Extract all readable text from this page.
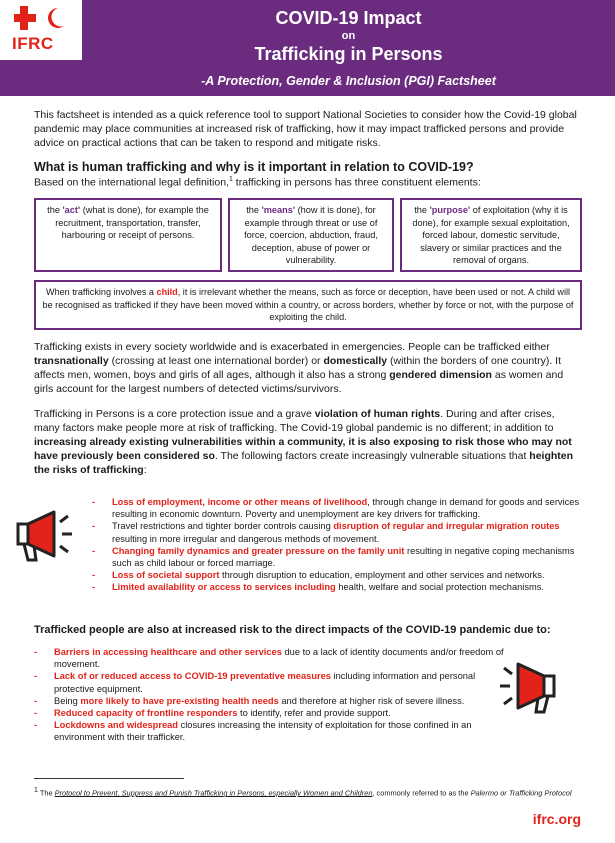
IFRC
COVID-19 Impact
on
Trafficking in Persons
-A Protection, Gender & Inclusion (PGI) Factsheet

This factsheet is intended as a quick reference tool to support National Societies to consider how the Covid-19 global pandemic may place communities at increased risk of trafficking, how it may impact trafficked persons and provide advice on practical actions that can be taken to respond and mitigate risks.

What is human trafficking and why is it important in relation to COVID-19?
Based on the international legal definition,$^1$ trafficking in persons has three constituent elements:
the 'act' (what is done), for example the recruitment, transportation, transfer, harbouring or receipt of persons.
the 'means' (how it is done), for example through threat or use of force, coercion, abduction, fraud, deception, abuse of power or vulnerability.
the 'purpose' of exploitation (why it is done), for example sexual exploitation, forced labour, domestic servitude, slavery or similar practices and the removal of organs.
When trafficking involves a child, it is irrelevant whether the means, such as force or deception, have been used or not. A child will be recognised as trafficked if they have been moved within a country, or across borders, whether by force or not, with the purpose of exploiting the child.

Trafficking exists in every society worldwide and is exacerbated in emergencies. People can be trafficked either transnationally (crossing at least one international border) or domestically (within the borders of one country). It affects men, women, boys and girls of all ages, although it also has a strong gendered dimension as women and girls account for the largest numbers of detected victims/survivors.

Trafficking in Persons is a core protection issue and a grave violation of human rights. During and after crises, many factors make people more at risk of trafficking. The Covid-19 global pandemic is no different; in addition to increasing already existing vulnerabilities within a community, it is also exposing to risk those who may not have previously been considered so. The following factors create increasingly vulnerable situations that heighten the risks of trafficking:

- Loss of employment, income or other means of livelihood, through change in demand for goods and services resulting in economic downturn. Poverty and unemployment are key drivers for trafficking.
- Travel restrictions and tighter border controls causing disruption of regular and irregular migration routes resulting in more irregular and dangerous methods of movement.
- Changing family dynamics and greater pressure on the family unit resulting in negative coping mechanisms such as child labour or forced marriage.
- Loss of societal support through disruption to education, employment and other services and networks.
- Limited availability or access to services including health, welfare and social protection mechanisms.
Trafficked people are also at increased risk to the direct impacts of the COVID-19 pandemic due to:
- Barriers in accessing healthcare and other services due to a lack of identity documents and/or freedom of movement.
- Lack of or reduced access to COVID-19 preventative measures including information and personal protective equipment.
- Being more likely to have pre-existing health needs and therefore at higher risk of severe illness.
- Reduced capacity of frontline responders to identify, refer and provide support.
- Lockdowns and widespread closures increasing the intensity of exploitation for those confined in an environment with their trafficker.
$^1$ The Protocol to Prevent, Suppress and Punish Trafficking in Persons, especially Women and Children, commonly referred to as the Palermo or Trafficking Protocol
ifrc.org
